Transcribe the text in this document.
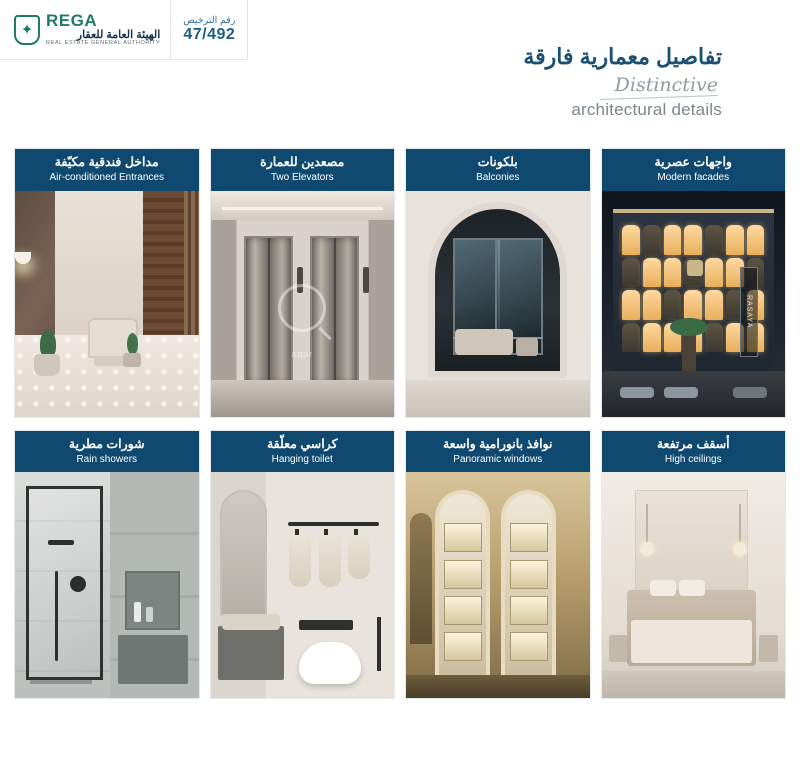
✦ REGA
الهيئة العامة للعقار
REAL ESTATE GENERAL AUTHORITY
رقم الترخيص
47/492
تفاصيل معمارية فارقة
Distinctive
architectural details
مداخل فندقية مكيّفة
Air-conditioned Entrances
مصعدين للعمارة
Two Elevators
aqar
بلكونات
Balconies
واجهات عصرية
Modern facades
RASAYA
شورات مطرية
Rain showers
كراسي معلّقة
Hanging toilet
نوافذ بانورامية واسعة
Panoramic windows
أسقف مرتفعة
High ceilings
